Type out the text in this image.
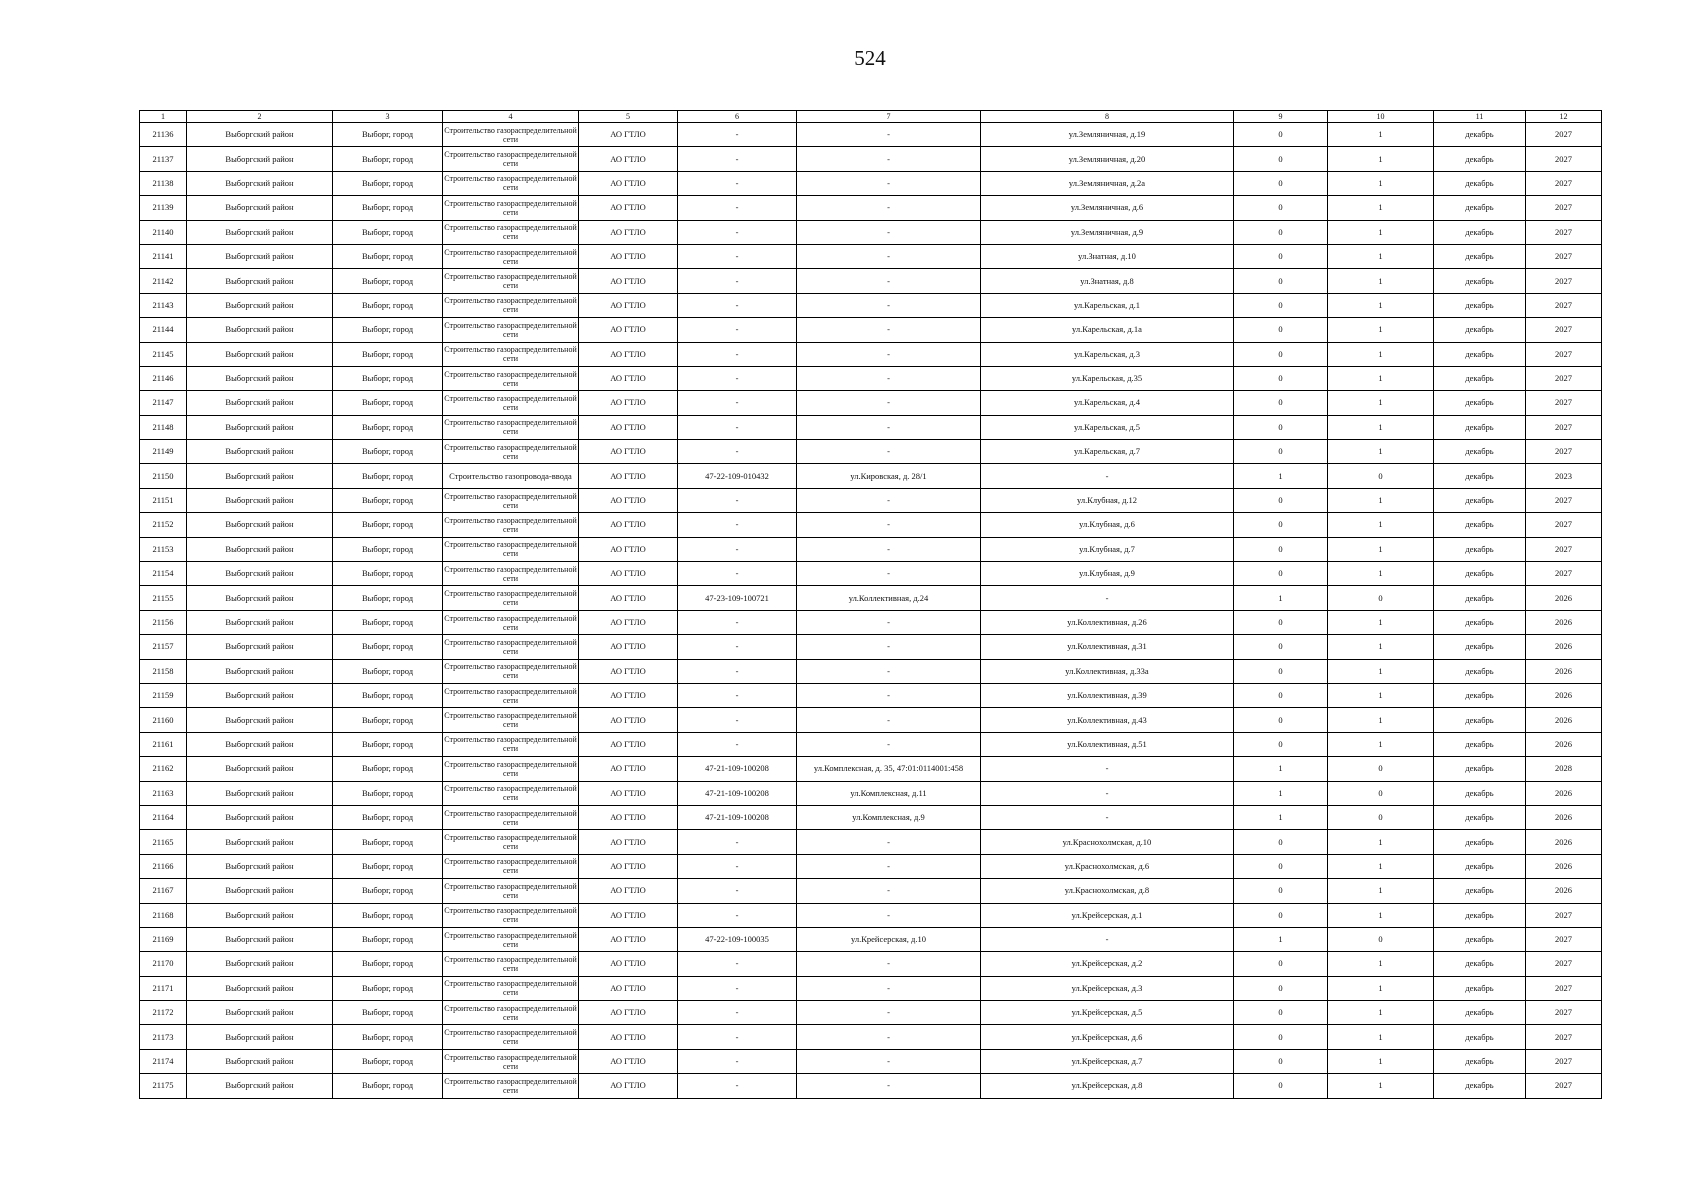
524
1	2	3	4	5	6	7	8	9	10	11	12
21136	Выборгский район	Выборг, город	Строительство газораспределительной сети	АО ГТЛО	-	-	ул.Земляничная, д.19	0	1	декабрь	2027
21137	Выборгский район	Выборг, город	Строительство газораспределительной сети	АО ГТЛО	-	-	ул.Земляничная, д.20	0	1	декабрь	2027
21138	Выборгский район	Выборг, город	Строительство газораспределительной сети	АО ГТЛО	-	-	ул.Земляничная, д.2а	0	1	декабрь	2027
21139	Выборгский район	Выборг, город	Строительство газораспределительной сети	АО ГТЛО	-	-	ул.Земляничная, д.6	0	1	декабрь	2027
21140	Выборгский район	Выборг, город	Строительство газораспределительной сети	АО ГТЛО	-	-	ул.Земляничная, д.9	0	1	декабрь	2027
21141	Выборгский район	Выборг, город	Строительство газораспределительной сети	АО ГТЛО	-	-	ул.Знатная, д.10	0	1	декабрь	2027
21142	Выборгский район	Выборг, город	Строительство газораспределительной сети	АО ГТЛО	-	-	ул.Знатная, д.8	0	1	декабрь	2027
21143	Выборгский район	Выборг, город	Строительство газораспределительной сети	АО ГТЛО	-	-	ул.Карельская, д.1	0	1	декабрь	2027
21144	Выборгский район	Выборг, город	Строительство газораспределительной сети	АО ГТЛО	-	-	ул.Карельская, д.1а	0	1	декабрь	2027
21145	Выборгский район	Выборг, город	Строительство газораспределительной сети	АО ГТЛО	-	-	ул.Карельская, д.3	0	1	декабрь	2027
21146	Выборгский район	Выборг, город	Строительство газораспределительной сети	АО ГТЛО	-	-	ул.Карельская, д.35	0	1	декабрь	2027
21147	Выборгский район	Выборг, город	Строительство газораспределительной сети	АО ГТЛО	-	-	ул.Карельская, д.4	0	1	декабрь	2027
21148	Выборгский район	Выборг, город	Строительство газораспределительной сети	АО ГТЛО	-	-	ул.Карельская, д.5	0	1	декабрь	2027
21149	Выборгский район	Выборг, город	Строительство газораспределительной сети	АО ГТЛО	-	-	ул.Карельская, д.7	0	1	декабрь	2027
21150	Выборгский район	Выборг, город	Строительство газопровода-ввода	АО ГТЛО	47-22-109-010432	ул.Кировская, д. 28/1	-	1	0	декабрь	2023
21151	Выборгский район	Выборг, город	Строительство газораспределительной сети	АО ГТЛО	-	-	ул.Клубная, д.12	0	1	декабрь	2027
21152	Выборгский район	Выборг, город	Строительство газораспределительной сети	АО ГТЛО	-	-	ул.Клубная, д.6	0	1	декабрь	2027
21153	Выборгский район	Выборг, город	Строительство газораспределительной сети	АО ГТЛО	-	-	ул.Клубная, д.7	0	1	декабрь	2027
21154	Выборгский район	Выборг, город	Строительство газораспределительной сети	АО ГТЛО	-	-	ул.Клубная, д.9	0	1	декабрь	2027
21155	Выборгский район	Выборг, город	Строительство газораспределительной сети	АО ГТЛО	47-23-109-100721	ул.Коллективная, д.24	-	1	0	декабрь	2026
21156	Выборгский район	Выборг, город	Строительство газораспределительной сети	АО ГТЛО	-	-	ул.Коллективная, д.26	0	1	декабрь	2026
21157	Выборгский район	Выборг, город	Строительство газораспределительной сети	АО ГТЛО	-	-	ул.Коллективная, д.31	0	1	декабрь	2026
21158	Выборгский район	Выборг, город	Строительство газораспределительной сети	АО ГТЛО	-	-	ул.Коллективная, д.33а	0	1	декабрь	2026
21159	Выборгский район	Выборг, город	Строительство газораспределительной сети	АО ГТЛО	-	-	ул.Коллективная, д.39	0	1	декабрь	2026
21160	Выборгский район	Выборг, город	Строительство газораспределительной сети	АО ГТЛО	-	-	ул.Коллективная, д.43	0	1	декабрь	2026
21161	Выборгский район	Выборг, город	Строительство газораспределительной сети	АО ГТЛО	-	-	ул.Коллективная, д.51	0	1	декабрь	2026
21162	Выборгский район	Выборг, город	Строительство газораспределительной сети	АО ГТЛО	47-21-109-100208	ул.Комплексная, д. 35, 47:01:0114001:458	-	1	0	декабрь	2028
21163	Выборгский район	Выборг, город	Строительство газораспределительной сети	АО ГТЛО	47-21-109-100208	ул.Комплексная, д.11	-	1	0	декабрь	2026
21164	Выборгский район	Выборг, город	Строительство газораспределительной сети	АО ГТЛО	47-21-109-100208	ул.Комплексная, д.9	-	1	0	декабрь	2026
21165	Выборгский район	Выборг, город	Строительство газораспределительной сети	АО ГТЛО	-	-	ул.Краснохолмская, д.10	0	1	декабрь	2026
21166	Выборгский район	Выборг, город	Строительство газораспределительной сети	АО ГТЛО	-	-	ул.Краснохолмская, д.6	0	1	декабрь	2026
21167	Выборгский район	Выборг, город	Строительство газораспределительной сети	АО ГТЛО	-	-	ул.Краснохолмская, д.8	0	1	декабрь	2026
21168	Выборгский район	Выборг, город	Строительство газораспределительной сети	АО ГТЛО	-	-	ул.Крейсерская, д.1	0	1	декабрь	2027
21169	Выборгский район	Выборг, город	Строительство газораспределительной сети	АО ГТЛО	47-22-109-100035	ул.Крейсерская, д.10	-	1	0	декабрь	2027
21170	Выборгский район	Выборг, город	Строительство газораспределительной сети	АО ГТЛО	-	-	ул.Крейсерская, д.2	0	1	декабрь	2027
21171	Выборгский район	Выборг, город	Строительство газораспределительной сети	АО ГТЛО	-	-	ул.Крейсерская, д.3	0	1	декабрь	2027
21172	Выборгский район	Выборг, город	Строительство газораспределительной сети	АО ГТЛО	-	-	ул.Крейсерская, д.5	0	1	декабрь	2027
21173	Выборгский район	Выборг, город	Строительство газораспределительной сети	АО ГТЛО	-	-	ул.Крейсерская, д.6	0	1	декабрь	2027
21174	Выборгский район	Выборг, город	Строительство газораспределительной сети	АО ГТЛО	-	-	ул.Крейсерская, д.7	0	1	декабрь	2027
21175	Выборгский район	Выборг, город	Строительство газораспределительной сети	АО ГТЛО	-	-	ул.Крейсерская, д.8	0	1	декабрь	2027
